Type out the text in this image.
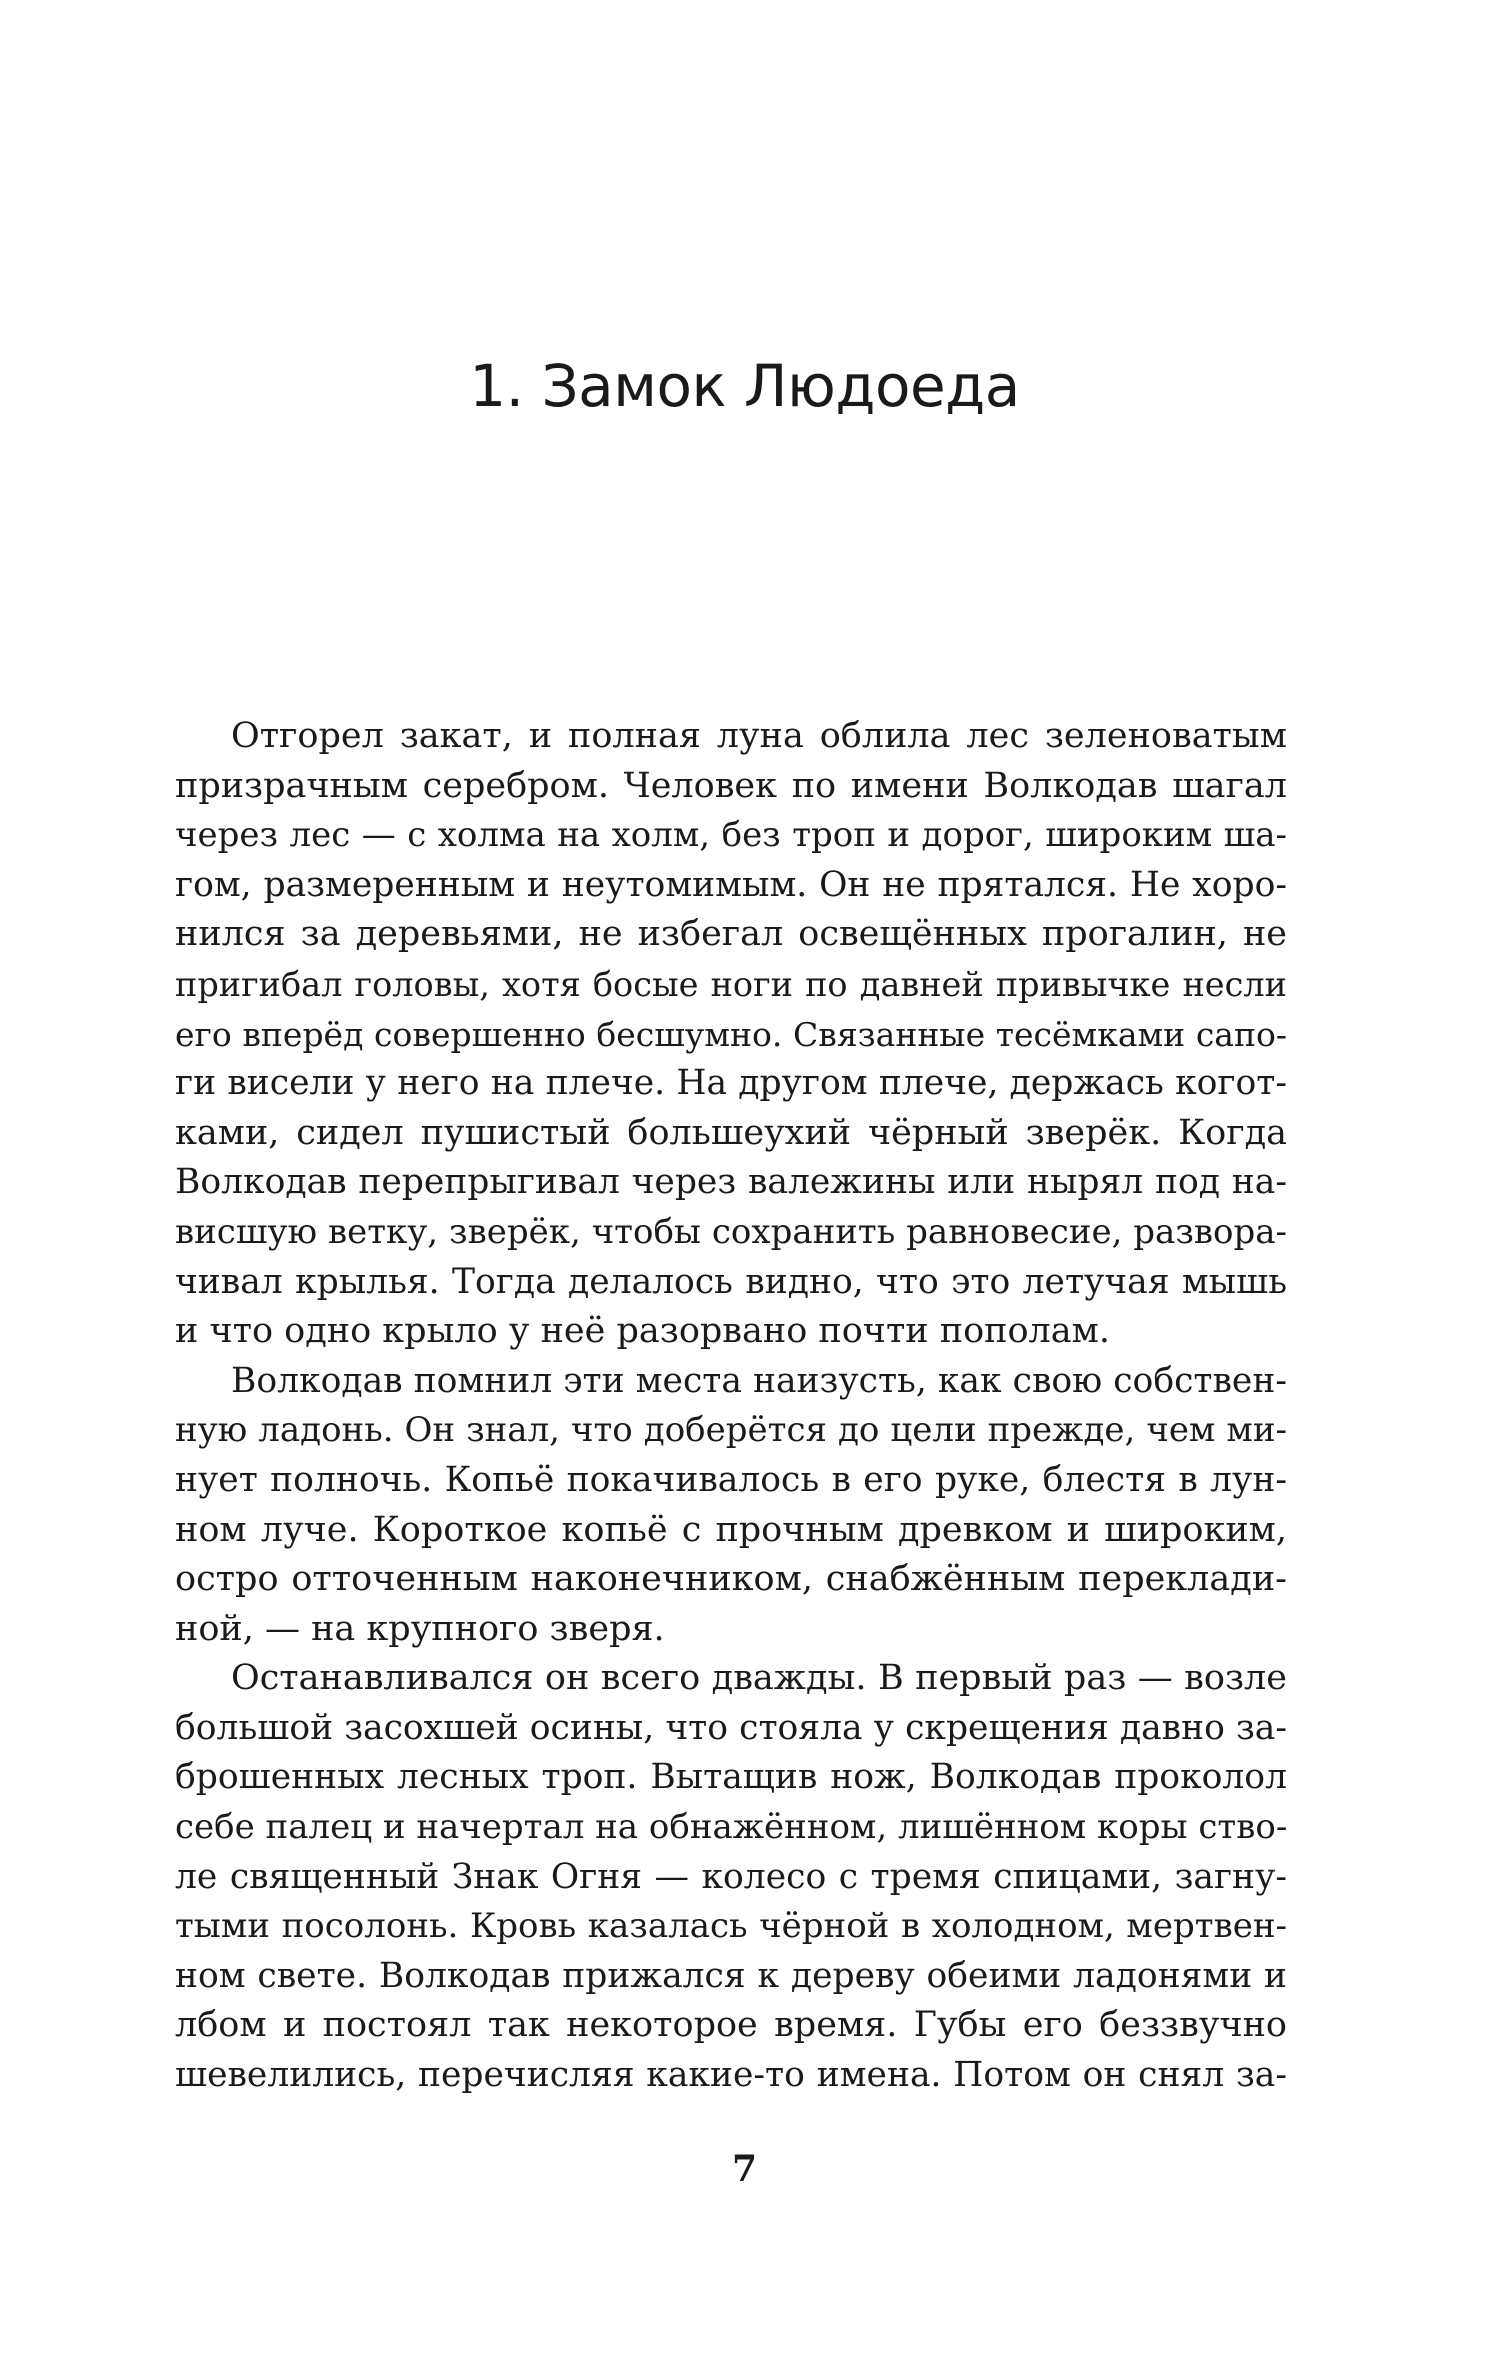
1. Замок Людоеда
Отгорел закат, и полная луна облила лес зеленоватым
призрачным серебром. Человек по имени Волкодав шагал
через лес — с холма на холм, без троп и дорог, широким ша-
гом, размеренным и неутомимым. Он не прятался. Не хоро-
нился за деревьями, не избегал освещённых прогалин, не
пригибал головы, хотя босые ноги по давней привычке несли
его вперёд совершенно бесшумно. Связанные тесёмками сапо-
ги висели у него на плече. На другом плече, держась когот-
ками, сидел пушистый большеухий чёрный зверёк. Когда
Волкодав перепрыгивал через валежины или нырял под на-
висшую ветку, зверёк, чтобы сохранить равновесие, развора-
чивал крылья. Тогда делалось видно, что это летучая мышь
и что одно крыло у неё разорвано почти пополам.
Волкодав помнил эти места наизусть, как свою собствен-
ную ладонь. Он знал, что доберётся до цели прежде, чем ми-
нует полночь. Копьё покачивалось в его руке, блестя в лун-
ном луче. Короткое копьё с прочным древком и широким,
остро отточенным наконечником, снабжённым переклади-
ной, — на крупного зверя.
Останавливался он всего дважды. В первый раз — возле
большой засохшей осины, что стояла у скрещения давно за-
брошенных лесных троп. Вытащив нож, Волкодав проколол
себе палец и начертал на обнажённом, лишённом коры ство-
ле священный Знак Огня — колесо с тремя спицами, загну-
тыми посолонь. Кровь казалась чёрной в холодном, мертвен-
ном свете. Волкодав прижался к дереву обеими ладонями и
лбом и постоял так некоторое время. Губы его беззвучно
шевелились, перечисляя какие-то имена. Потом он снял за-
7
